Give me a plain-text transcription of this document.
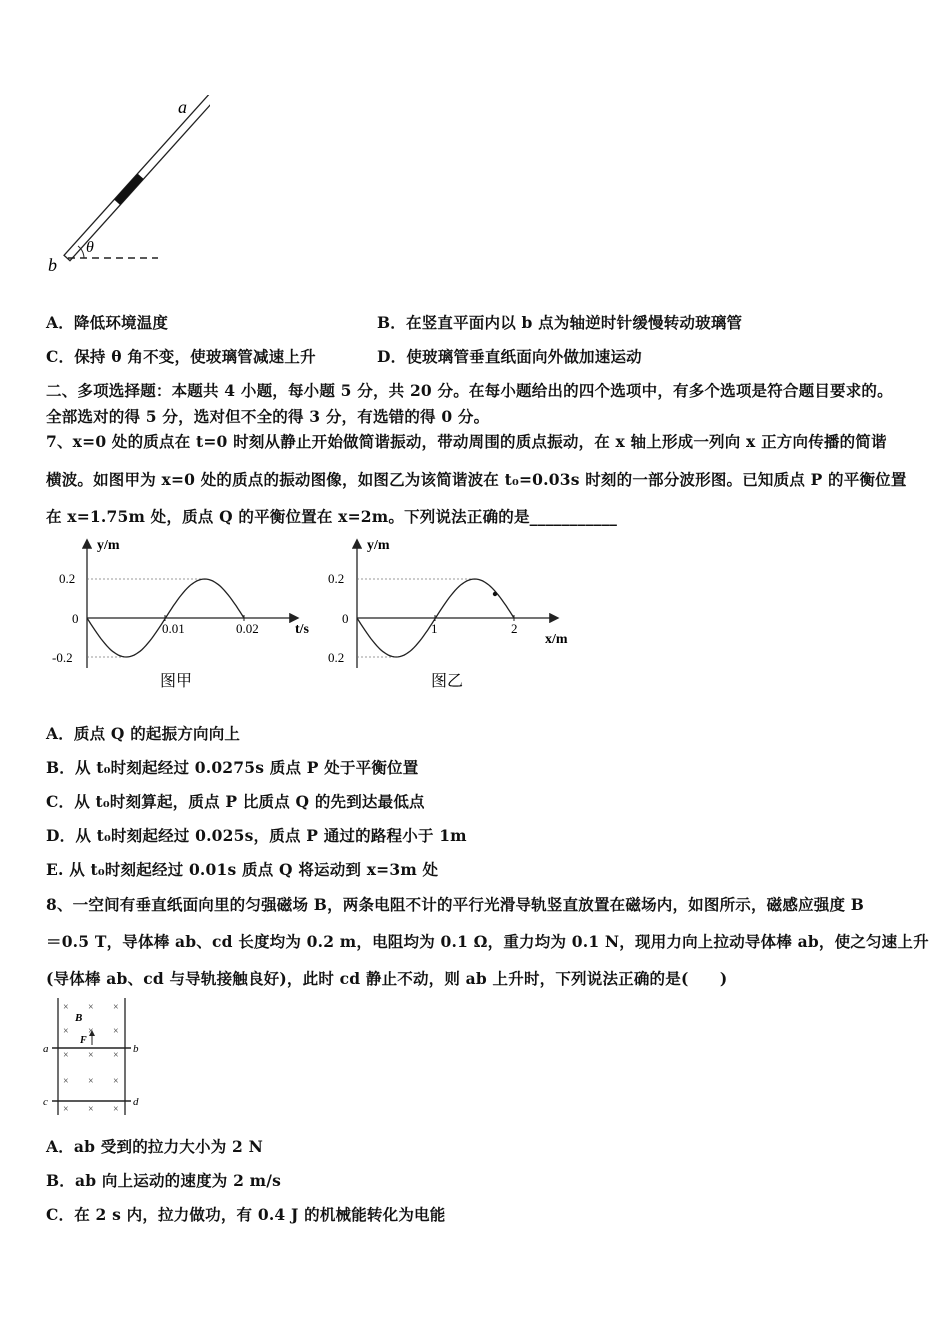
a
b
θ
A．降低环境温度	B．在竖直平面内以 b 点为轴逆时针缓慢转动玻璃管
C．保持 θ 角不变，使玻璃管减速上升	D．使玻璃管垂直纸面向外做加速运动
二、多项选择题：本题共 4 小题，每小题 5 分，共 20 分。在每小题给出的四个选项中，有多个选项是符合题目要求的。
全部选对的得 5 分，选对但不全的得 3 分，有选错的得 0 分。
7、x=0 处的质点在 t=0 时刻从静止开始做简谐振动，带动周围的质点振动，在 x 轴上形成一列向 x 正方向传播的简谐
横波。如图甲为 x=0 处的质点的振动图像，如图乙为该简谐波在 t₀=0.03s 时刻的一部分波形图。已知质点 P 的平衡位置
在 x=1.75m 处，质点 Q 的平衡位置在 x=2m。下列说法正确的是___________
y/m
t/s
0.2
0
-0.2
0.01	0.02
图甲
y/m
x/m
0.2
0
0.2
1	2
图乙
A．质点 Q 的起振方向向上
B．从 t₀时刻起经过 0.0275s 质点 P 处于平衡位置
C．从 t₀时刻算起，质点 P 比质点 Q 的先到达最低点
D．从 t₀时刻起经过 0.025s，质点 P 通过的路程小于 1m
E. 从 t₀时刻起经过 0.01s 质点 Q 将运动到 x=3m 处
8、一空间有垂直纸面向里的匀强磁场 B，两条电阻不计的平行光滑导轨竖直放置在磁场内，如图所示，磁感应强度 B
＝0.5 T，导体棒 ab、cd 长度均为 0.2 m，电阻均为 0.1 Ω，重力均为 0.1 N，现用力向上拉动导体棒 ab，使之匀速上升
(导体棒 ab、cd 与导轨接触良好)，此时 cd 静止不动，则 ab 上升时，下列说法正确的是(　　)
× × ×
× × ×
× × ×
× × ×
× × ×
B
F
a	b
c	d
A．ab 受到的拉力大小为 2 N
B．ab 向上运动的速度为 2 m/s
C．在 2 s 内，拉力做功，有 0.4 J 的机械能转化为电能
